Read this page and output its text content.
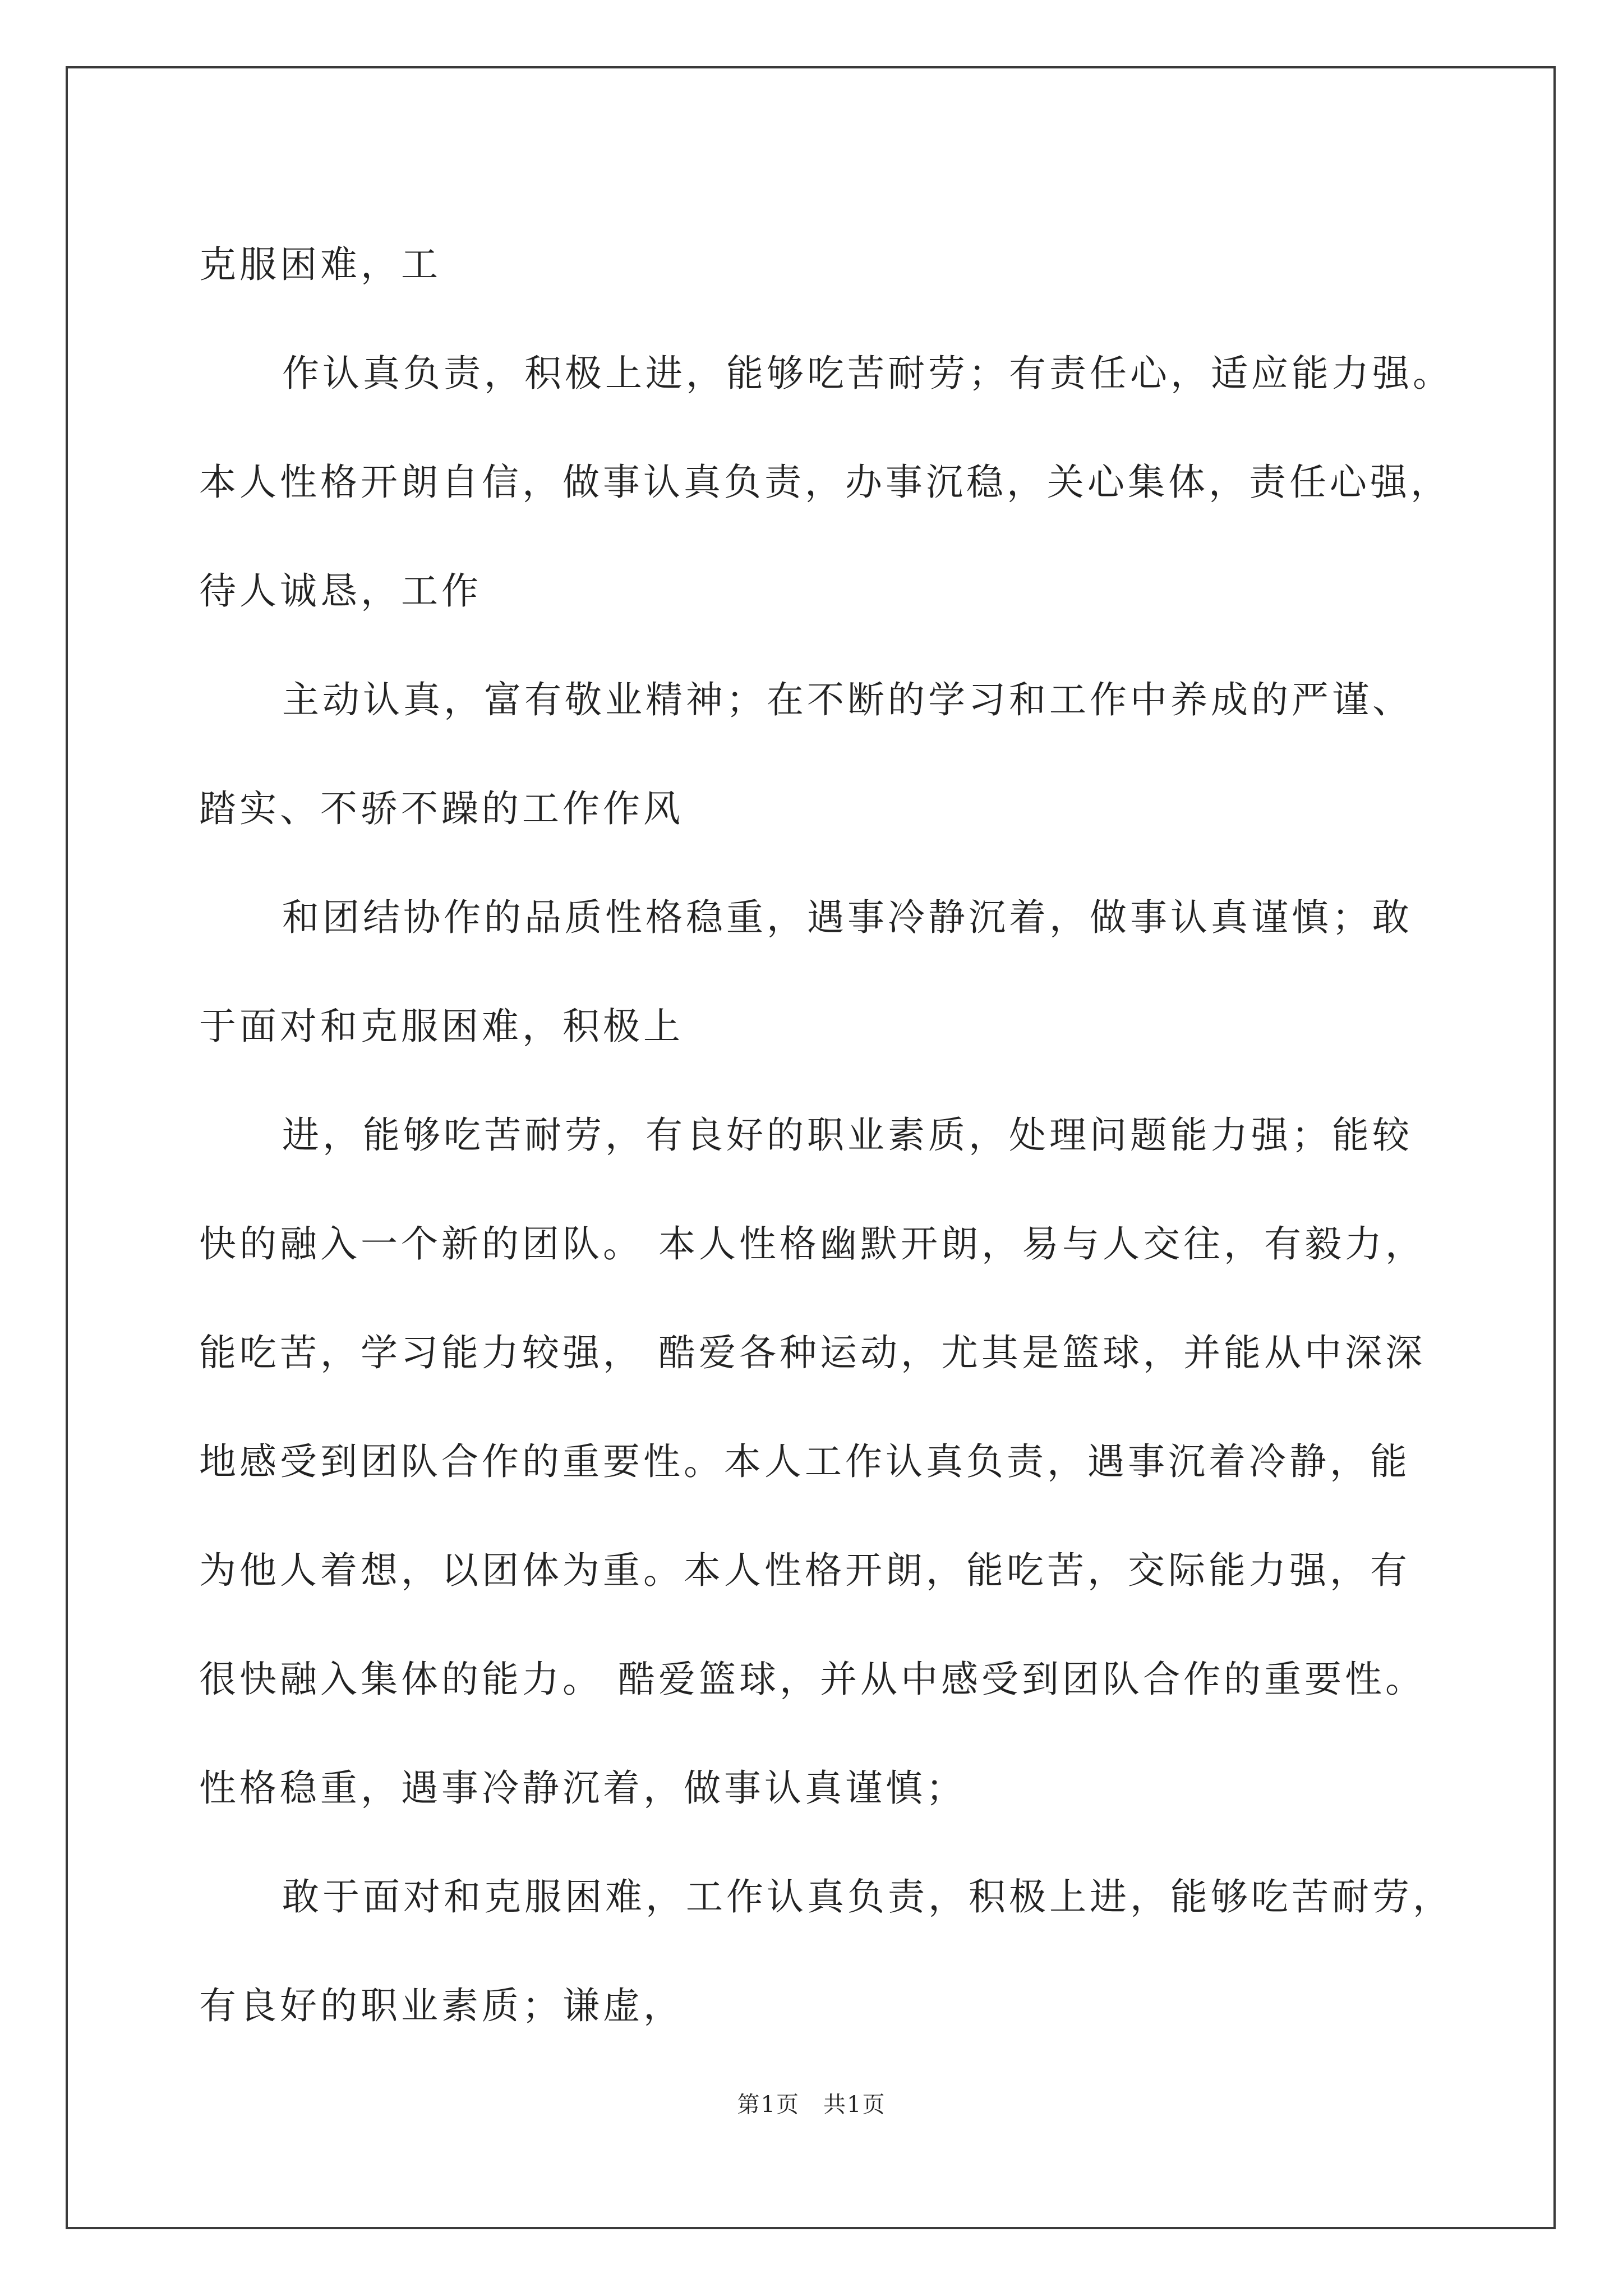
克服困难，工
作认真负责，积极上进，能够吃苦耐劳；有责任心，适应能力强。
本人性格开朗自信，做事认真负责，办事沉稳，关心集体，责任心强，
待人诚恳，工作
主动认真，富有敬业精神；在不断的学习和工作中养成的严谨、
踏实、不骄不躁的工作作风
和团结协作的品质性格稳重，遇事冷静沉着，做事认真谨慎；敢
于面对和克服困难，积极上
进，能够吃苦耐劳，有良好的职业素质，处理问题能力强；能较
快的融入一个新的团队。 本人性格幽默开朗，易与人交往，有毅力，
能吃苦，学习能力较强， 酷爱各种运动，尤其是篮球，并能从中深深
地感受到团队合作的重要性。本人工作认真负责，遇事沉着冷静，能
为他人着想，以团体为重。本人性格开朗，能吃苦，交际能力强，有
很快融入集体的能力。 酷爱篮球，并从中感受到团队合作的重要性。
性格稳重，遇事冷静沉着，做事认真谨慎；
敢于面对和克服困难，工作认真负责，积极上进，能够吃苦耐劳，
有良好的职业素质；谦虚，
第1页　共1页
